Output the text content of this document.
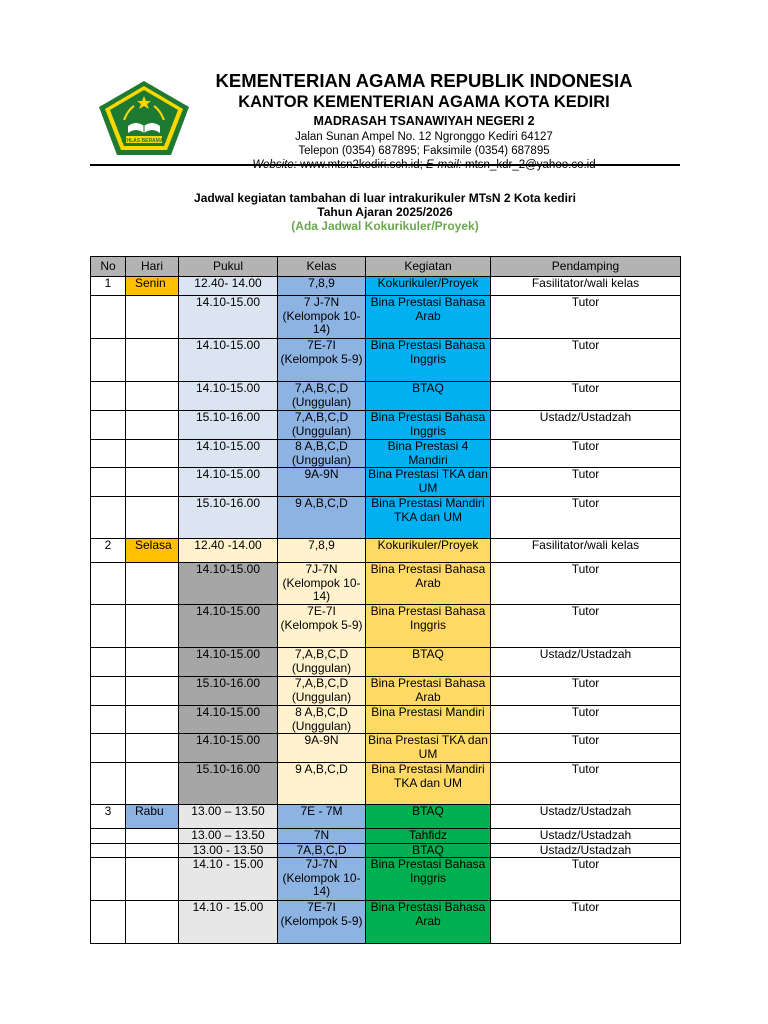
IKHLAS BERAMAL
KEMENTERIAN AGAMA REPUBLIK INDONESIA
KANTOR KEMENTERIAN AGAMA KOTA KEDIRI
MADRASAH TSANAWIYAH NEGERI 2
Jalan Sunan Ampel No. 12 Ngronggo Kediri 64127
Telepon (0354) 687895; Faksimile (0354) 687895
Website: www.mtsn2kediri.sch.id; E-mail: mtsn_kdr_2@yahoo.co.id
Jadwal kegiatan tambahan di luar intrakurikuler MTsN 2 Kota kediri
Tahun Ajaran 2025/2026
(Ada Jadwal Kokurikuler/Proyek)
No	Hari	Pukul	Kelas	Kegiatan	Pendamping
1	Senin	12.40- 14.00	7,8,9	Kokurikuler/Proyek	Fasilitator/wali kelas
		14.10-15.00	7 J-7N (Kelompok 10-14)	Bina Prestasi Bahasa Arab	Tutor
		14.10-15.00	7E-7I (Kelompok 5-9)	Bina Prestasi Bahasa Inggris	Tutor
		14.10-15.00	7,A,B,C,D (Unggulan)	BTAQ	Tutor
		15.10-16.00	7,A,B,C,D (Unggulan)	Bina Prestasi Bahasa Inggris	Ustadz/Ustadzah
		14.10-15.00	8 A,B,C,D (Unggulan)	Bina Prestasi 4 Mandiri	Tutor
		14.10-15.00	9A-9N	Bina Prestasi TKA dan UM	Tutor
		15.10-16.00	9 A,B,C,D	Bina Prestasi Mandiri TKA dan UM	Tutor
2	Selasa	12.40 -14.00	7,8,9	Kokurikuler/Proyek	Fasilitator/wali kelas
		14.10-15.00	7J-7N (Kelompok 10-14)	Bina Prestasi Bahasa Arab	Tutor
		14.10-15.00	7E-7I (Kelompok 5-9)	Bina Prestasi Bahasa Inggris	Tutor
		14.10-15.00	7,A,B,C,D (Unggulan)	BTAQ	Ustadz/Ustadzah
		15.10-16.00	7,A,B,C,D (Unggulan)	Bina Prestasi Bahasa Arab	Tutor
		14.10-15.00	8 A,B,C,D (Unggulan)	Bina Prestasi Mandiri	Tutor
		14.10-15.00	9A-9N	Bina Prestasi TKA dan UM	Tutor
		15.10-16.00	9 A,B,C,D	Bina Prestasi Mandiri TKA dan UM	Tutor
3	Rabu	13.00 – 13.50	7E - 7M	BTAQ	Ustadz/Ustadzah
		13.00 – 13.50	7N	Tahfidz	Ustadz/Ustadzah
		13.00 - 13.50	7A,B,C,D	BTAQ	Ustadz/Ustadzah
		14.10 - 15.00	7J-7N (Kelompok 10-14)	Bina Prestasi Bahasa Inggris	Tutor
		14.10 - 15.00	7E-7I (Kelompok 5-9)	Bina Prestasi Bahasa Arab	Tutor
